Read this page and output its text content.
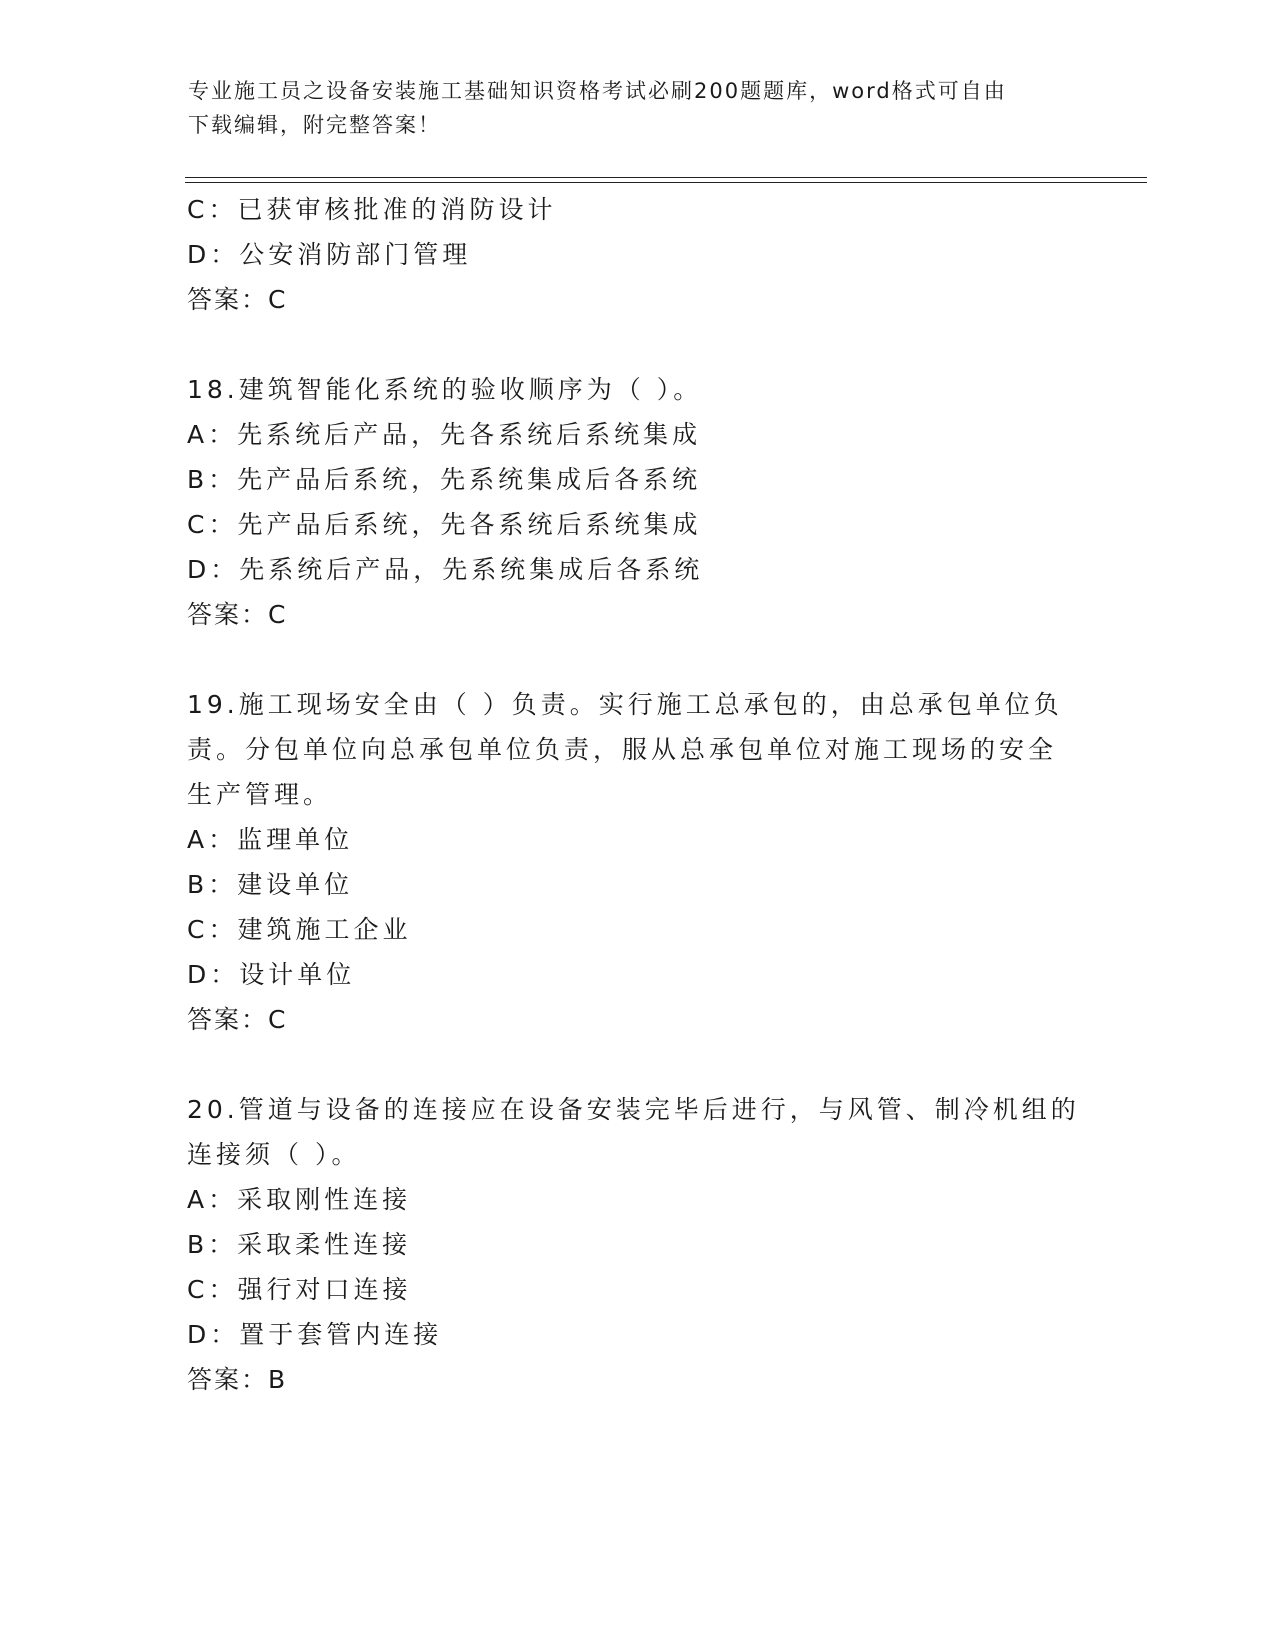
专业施工员之设备安装施工基础知识资格考试必刷200题题库，word格式可自由
下载编辑，附完整答案！
C：已获审核批准的消防设计
D：公安消防部门管理
答案：C
18.建筑智能化系统的验收顺序为（ ）。
A：先系统后产品，先各系统后系统集成
B：先产品后系统，先系统集成后各系统
C：先产品后系统，先各系统后系统集成
D：先系统后产品，先系统集成后各系统
答案：C
19.施工现场安全由（ ）负责。实行施工总承包的，由总承包单位负
责。分包单位向总承包单位负责，服从总承包单位对施工现场的安全
生产管理。
A：监理单位
B：建设单位
C：建筑施工企业
D：设计单位
答案：C
20.管道与设备的连接应在设备安装完毕后进行，与风管、制冷机组的
连接须（ ）。
A：采取刚性连接
B：采取柔性连接
C：强行对口连接
D：置于套管内连接
答案：B
